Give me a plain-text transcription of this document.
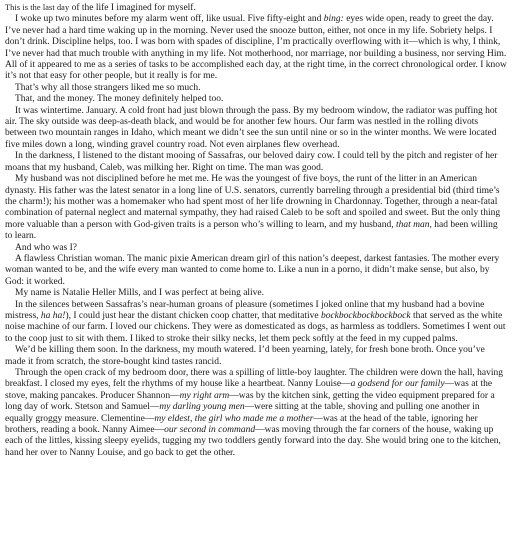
This is the last day of the life I imagined for myself.

I woke up two minutes before my alarm went off, like usual. Five fifty-eight and bing: eyes wide open, ready to greet the day. I’ve never had a hard time waking up in the morning. Never used the snooze button, either, not once in my life. Sobriety helps. I don’t drink. Discipline helps, too. I was born with spades of discipline, I’m practically overflowing with it—which is why, I think, I’ve never had that much trouble with anything in my life. Not motherhood, nor marriage, nor building a business, nor serving Him. All of it appeared to me as a series of tasks to be accomplished each day, at the right time, in the correct chronological order. I know it’s not that easy for other people, but it really is for me.

That’s why all those strangers liked me so much.

That, and the money. The money definitely helped too.

It was wintertime. January. A cold front had just blown through the pass. By my bedroom window, the radiator was puffing hot air. The sky outside was deep-as-death black, and would be for another few hours. Our farm was nestled in the rolling divots between two mountain ranges in Idaho, which meant we didn’t see the sun until nine or so in the winter months. We were located five miles down a long, winding gravel country road. Not even airplanes flew overhead.

In the darkness, I listened to the distant mooing of Sassafras, our beloved dairy cow. I could tell by the pitch and register of her moans that my husband, Caleb, was milking her. Right on time. The man was good.

My husband was not disciplined before he met me. He was the youngest of five boys, the runt of the litter in an American dynasty. His father was the latest senator in a long line of U.S. senators, currently barreling through a presidential bid (third time’s the charm!); his mother was a homemaker who had spent most of her life drowning in Chardonnay. Together, through a near-fatal combination of paternal neglect and maternal sympathy, they had raised Caleb to be soft and spoiled and sweet. But the only thing more valuable than a person with God-given traits is a person who’s willing to learn, and my husband, that man, had been willing to learn.

And who was I?

A flawless Christian woman. The manic pixie American dream girl of this nation’s deepest, darkest fantasies. The mother every woman wanted to be, and the wife every man wanted to come home to. Like a nun in a porno, it didn’t make sense, but also, by God: it worked.

My name is Natalie Heller Mills, and I was perfect at being alive.

In the silences between Sassafras’s near-human groans of pleasure (sometimes I joked online that my husband had a bovine mistress, ha ha!), I could just hear the distant chicken coop chatter, that meditative bockbockbockbockbock that served as the white noise machine of our farm. I loved our chickens. They were as domesticated as dogs, as harmless as toddlers. Sometimes I went out to the coop just to sit with them. I liked to stroke their silky necks, let them peck softly at the feed in my cupped palms.

We’d be killing them soon. In the darkness, my mouth watered. I’d been yearning, lately, for fresh bone broth. Once you’ve made it from scratch, the store-bought kind tastes rancid.

Through the open crack of my bedroom door, there was a spilling of little-boy laughter. The children were down the hall, having breakfast. I closed my eyes, felt the rhythms of my house like a heartbeat. Nanny Louise—a godsend for our family—was at the stove, making pancakes. Producer Shannon—my right arm—was by the kitchen sink, getting the video equipment prepared for a long day of work. Stetson and Samuel—my darling young men—were sitting at the table, shoving and pulling one another in equally groggy measure. Clementine—my eldest, the girl who made me a mother—was at the head of the table, ignoring her brothers, reading a book. Nanny Aimee—our second in command—was moving through the far corners of the house, waking up each of the littles, kissing sleepy eyelids, tugging my two toddlers gently forward into the day. She would bring one to the kitchen, hand her over to Nanny Louise, and go back to get the other.
